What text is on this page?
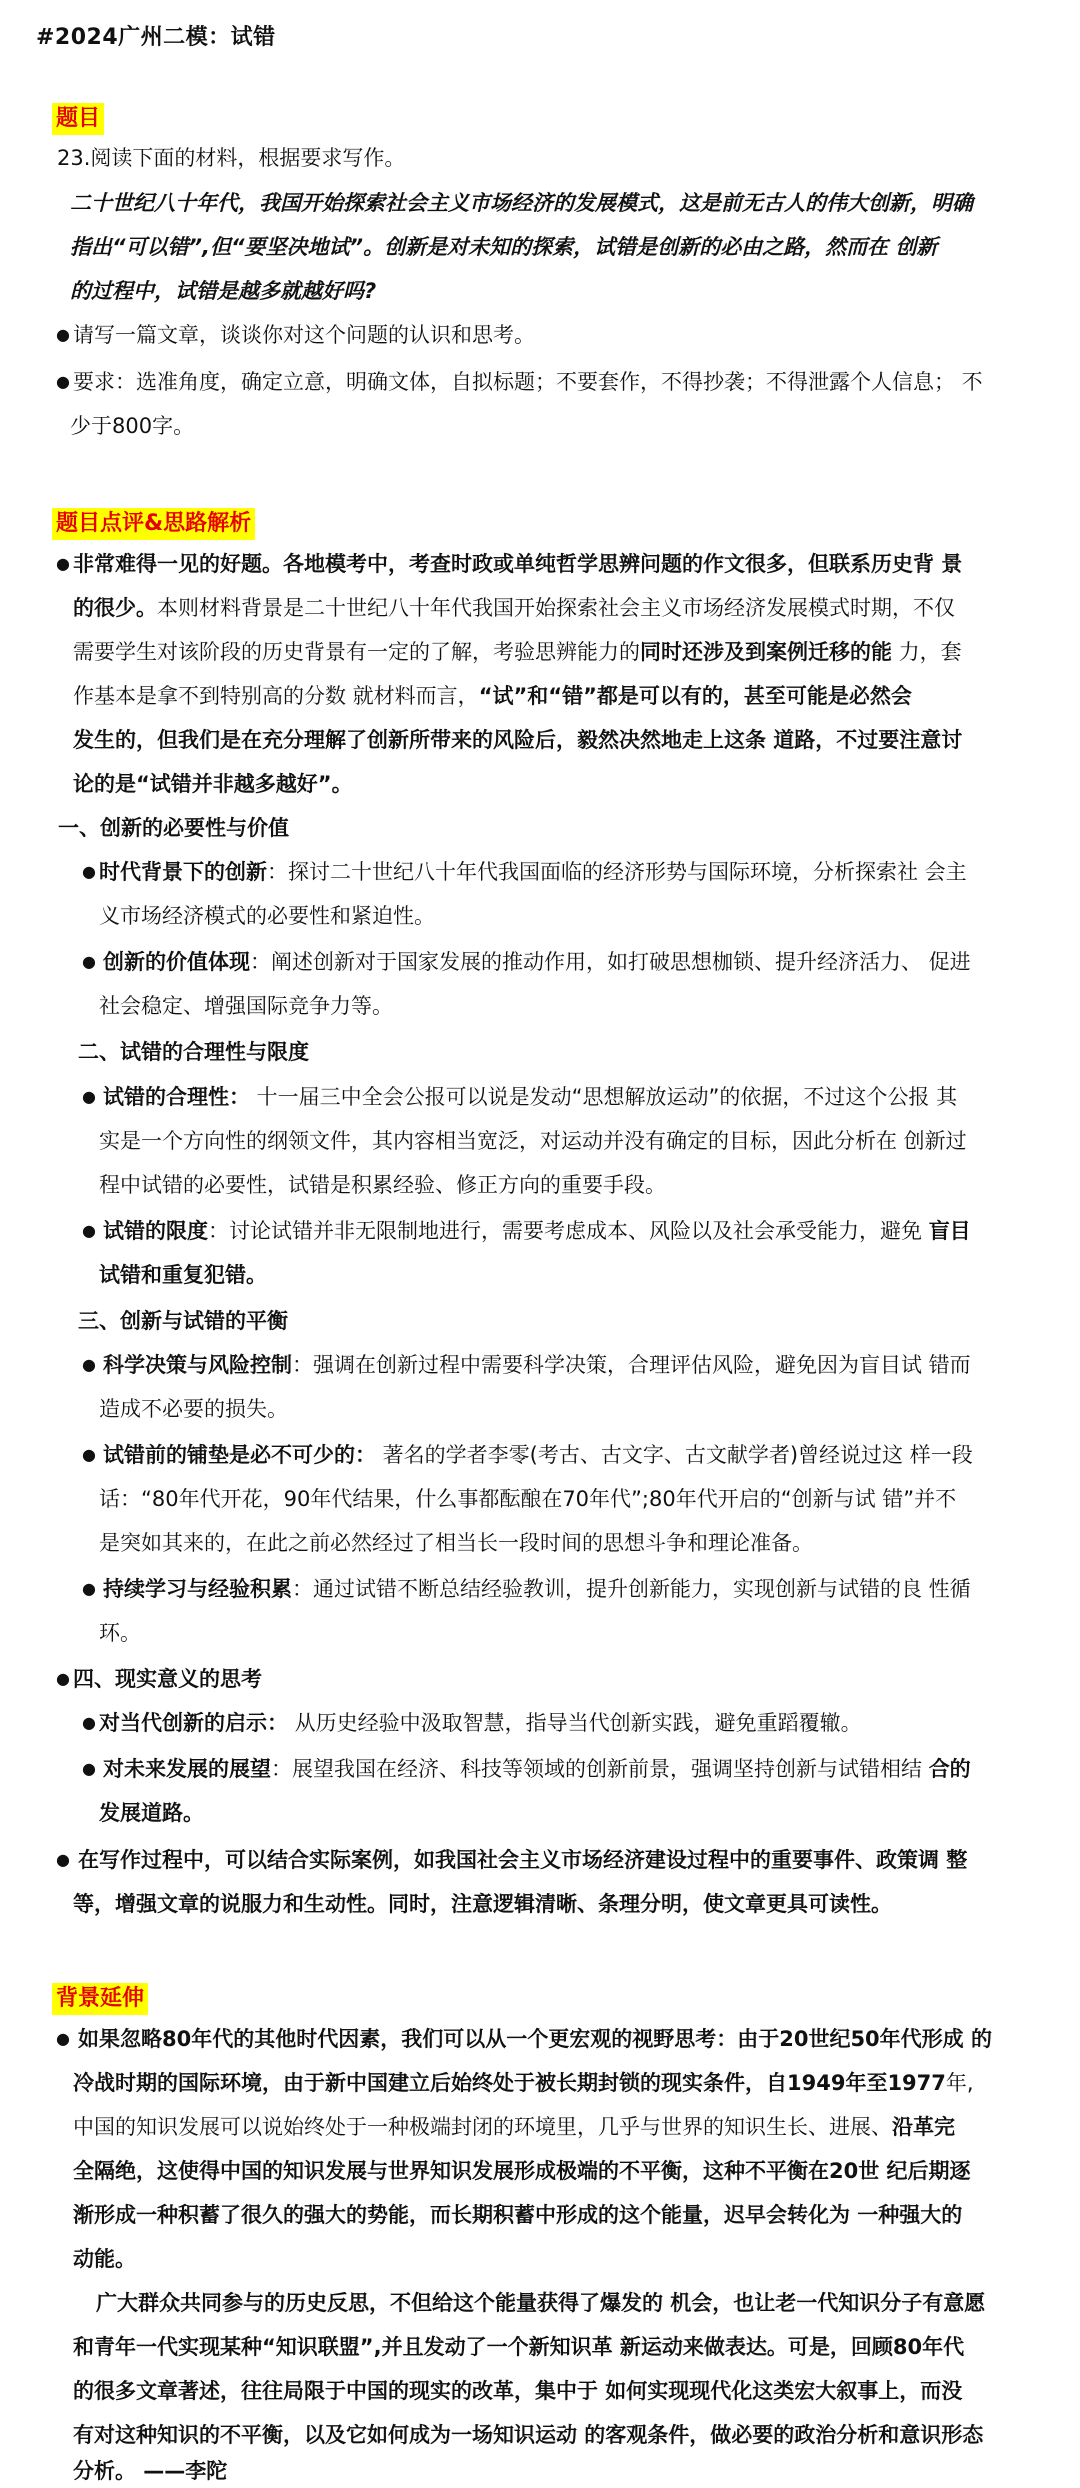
#2024广州二模：试错
题目
23.阅读下面的材料，根据要求写作。
二十世纪八十年代，我国开始探索社会主义市场经济的发展模式，这是前无古人的伟大创新，明确
指出“可以错”,但“要坚决地试”。创新是对未知的探索，试错是创新的必由之路，然而在 创新
的过程中，试错是越多就越好吗?
● 请写一篇文章，谈谈你对这个问题的认识和思考。
● 要求：选准角度，确定立意，明确文体，自拟标题；不要套作，不得抄袭；不得泄露个人信息； 不
少于800字。
题目点评&思路解析
● 非常难得一见的好题。各地模考中，考查时政或单纯哲学思辨问题的作文很多，但联系历史背 景
的很少。本则材料背景是二十世纪八十年代我国开始探索社会主义市场经济发展模式时期，不仅
需要学生对该阶段的历史背景有一定的了解，考验思辨能力的同时还涉及到案例迁移的能 力，套
作基本是拿不到特别高的分数 就材料而言，“试”和“错”都是可以有的，甚至可能是必然会
发生的，但我们是在充分理解了创新所带来的风险后，毅然决然地走上这条 道路，不过要注意讨
论的是“试错并非越多越好”。
一、创新的必要性与价值
● 时代背景下的创新：探讨二十世纪八十年代我国面临的经济形势与国际环境，分析探索社 会主
义市场经济模式的必要性和紧迫性。
● 创新的价值体现：阐述创新对于国家发展的推动作用，如打破思想枷锁、提升经济活力、 促进
社会稳定、增强国际竞争力等。
二、试错的合理性与限度
● 试错的合理性： 十一届三中全会公报可以说是发动“思想解放运动”的依据，不过这个公报 其
实是一个方向性的纲领文件，其内容相当宽泛，对运动并没有确定的目标，因此分析在 创新过
程中试错的必要性，试错是积累经验、修正方向的重要手段。
● 试错的限度：讨论试错并非无限制地进行，需要考虑成本、风险以及社会承受能力，避免 盲目
试错和重复犯错。
三、创新与试错的平衡
● 科学决策与风险控制：强调在创新过程中需要科学决策，合理评估风险，避免因为盲目试 错而
造成不必要的损失。
● 试错前的铺垫是必不可少的： 著名的学者李零(考古、古文字、古文献学者)曾经说过这 样一段
话：“80年代开花，90年代结果，什么事都酝酿在70年代”;80年代开启的“创新与试 错”并不
是突如其来的，在此之前必然经过了相当长一段时间的思想斗争和理论准备。
● 持续学习与经验积累：通过试错不断总结经验教训，提升创新能力，实现创新与试错的良 性循
环。
● 四、现实意义的思考
● 对当代创新的启示： 从历史经验中汲取智慧，指导当代创新实践，避免重蹈覆辙。
● 对未来发展的展望：展望我国在经济、科技等领域的创新前景，强调坚持创新与试错相结 合的
发展道路。
● 在写作过程中，可以结合实际案例，如我国社会主义市场经济建设过程中的重要事件、政策调 整
等，增强文章的说服力和生动性。同时，注意逻辑清晰、条理分明，使文章更具可读性。
背景延伸
● 如果忽略80年代的其他时代因素，我们可以从一个更宏观的视野思考：由于20世纪50年代形成 的
冷战时期的国际环境，由于新中国建立后始终处于被长期封锁的现实条件，自1949年至1977年,
中国的知识发展可以说始终处于一种极端封闭的环境里，几乎与世界的知识生长、进展、沿革完
全隔绝，这使得中国的知识发展与世界知识发展形成极端的不平衡，这种不平衡在20世 纪后期逐
渐形成一种积蓄了很久的强大的势能，而长期积蓄中形成的这个能量，迟早会转化为 一种强大的
动能。
广大群众共同参与的历史反思，不但给这个能量获得了爆发的 机会，也让老一代知识分子有意愿
和青年一代实现某种“知识联盟”,并且发动了一个新知识革 新运动来做表达。可是，回顾80年代
的很多文章著述，往往局限于中国的现实的改革，集中于 如何实现现代化这类宏大叙事上，而没
有对这种知识的不平衡，以及它如何成为一场知识运动 的客观条件，做必要的政治分析和意识形态
分析。 ——李陀
